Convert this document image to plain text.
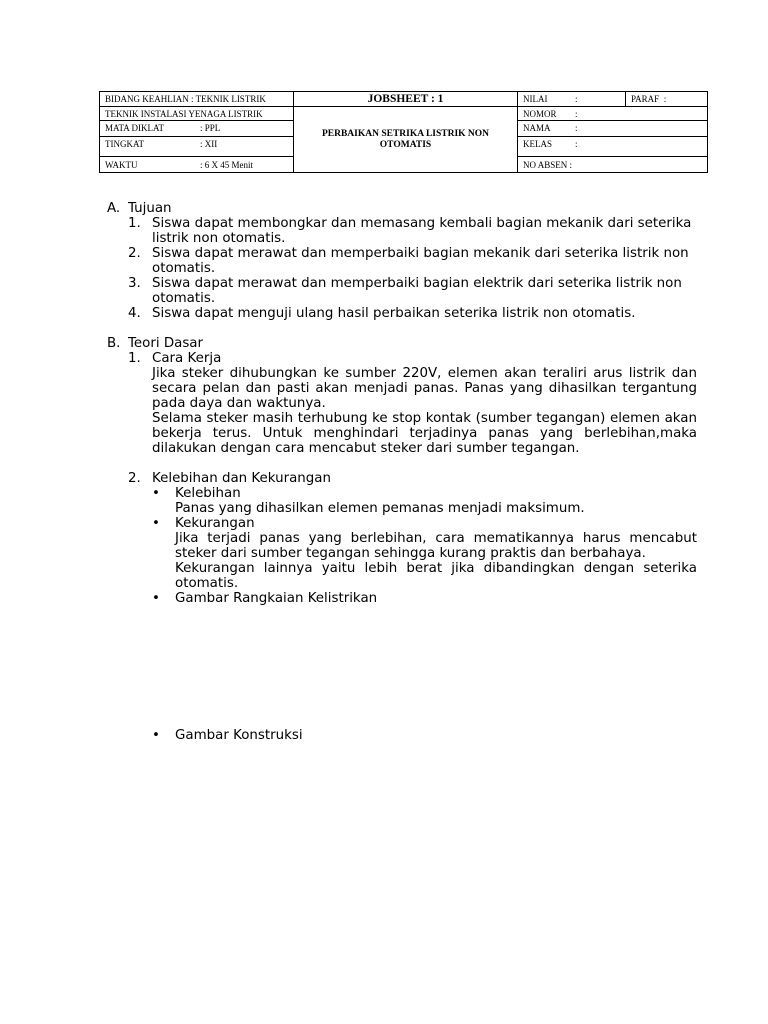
BIDANG KEAHLIAN : TEKNIK LISTRIK	JOBSHEET : 1	NILAI :	PARAF :
TEKNIK INSTALASI YENAGA LISTRIK	PERBAIKAN SETRIKA LISTRIK NON OTOMATIS	NOMOR :	
MATA DIKLAT : PPL		NAMA :	
TINGKAT : XII		KELAS :	
WAKTU : 6 X 45 Menit		NO ABSEN :	
A. Tujuan
1. Siswa dapat membongkar dan memasang kembali bagian mekanik dari seterika listrik non otomatis.
2. Siswa dapat merawat dan memperbaiki bagian mekanik dari seterika listrik non otomatis.
3. Siswa dapat merawat dan memperbaiki bagian elektrik dari seterika listrik non otomatis.
4. Siswa dapat menguji ulang hasil perbaikan seterika listrik non otomatis.
B. Teori Dasar
1. Cara Kerja
Jika steker dihubungkan ke sumber 220V, elemen akan teraliri arus listrik dan secara pelan dan pasti akan menjadi panas. Panas yang dihasilkan tergantung pada daya dan waktunya.
Selama steker masih terhubung ke stop kontak (sumber tegangan) elemen akan bekerja terus. Untuk menghindari terjadinya panas yang berlebihan,maka dilakukan dengan cara mencabut steker dari sumber tegangan.
2. Kelebihan dan Kekurangan
• Kelebihan
Panas yang dihasilkan elemen pemanas menjadi maksimum.
• Kekurangan
Jika terjadi panas yang berlebihan, cara mematikannya harus mencabut steker dari sumber tegangan sehingga kurang praktis dan berbahaya.
Kekurangan lainnya yaitu lebih berat jika dibandingkan dengan seterika otomatis.
• Gambar Rangkaian Kelistrikan
• Gambar Konstruksi
